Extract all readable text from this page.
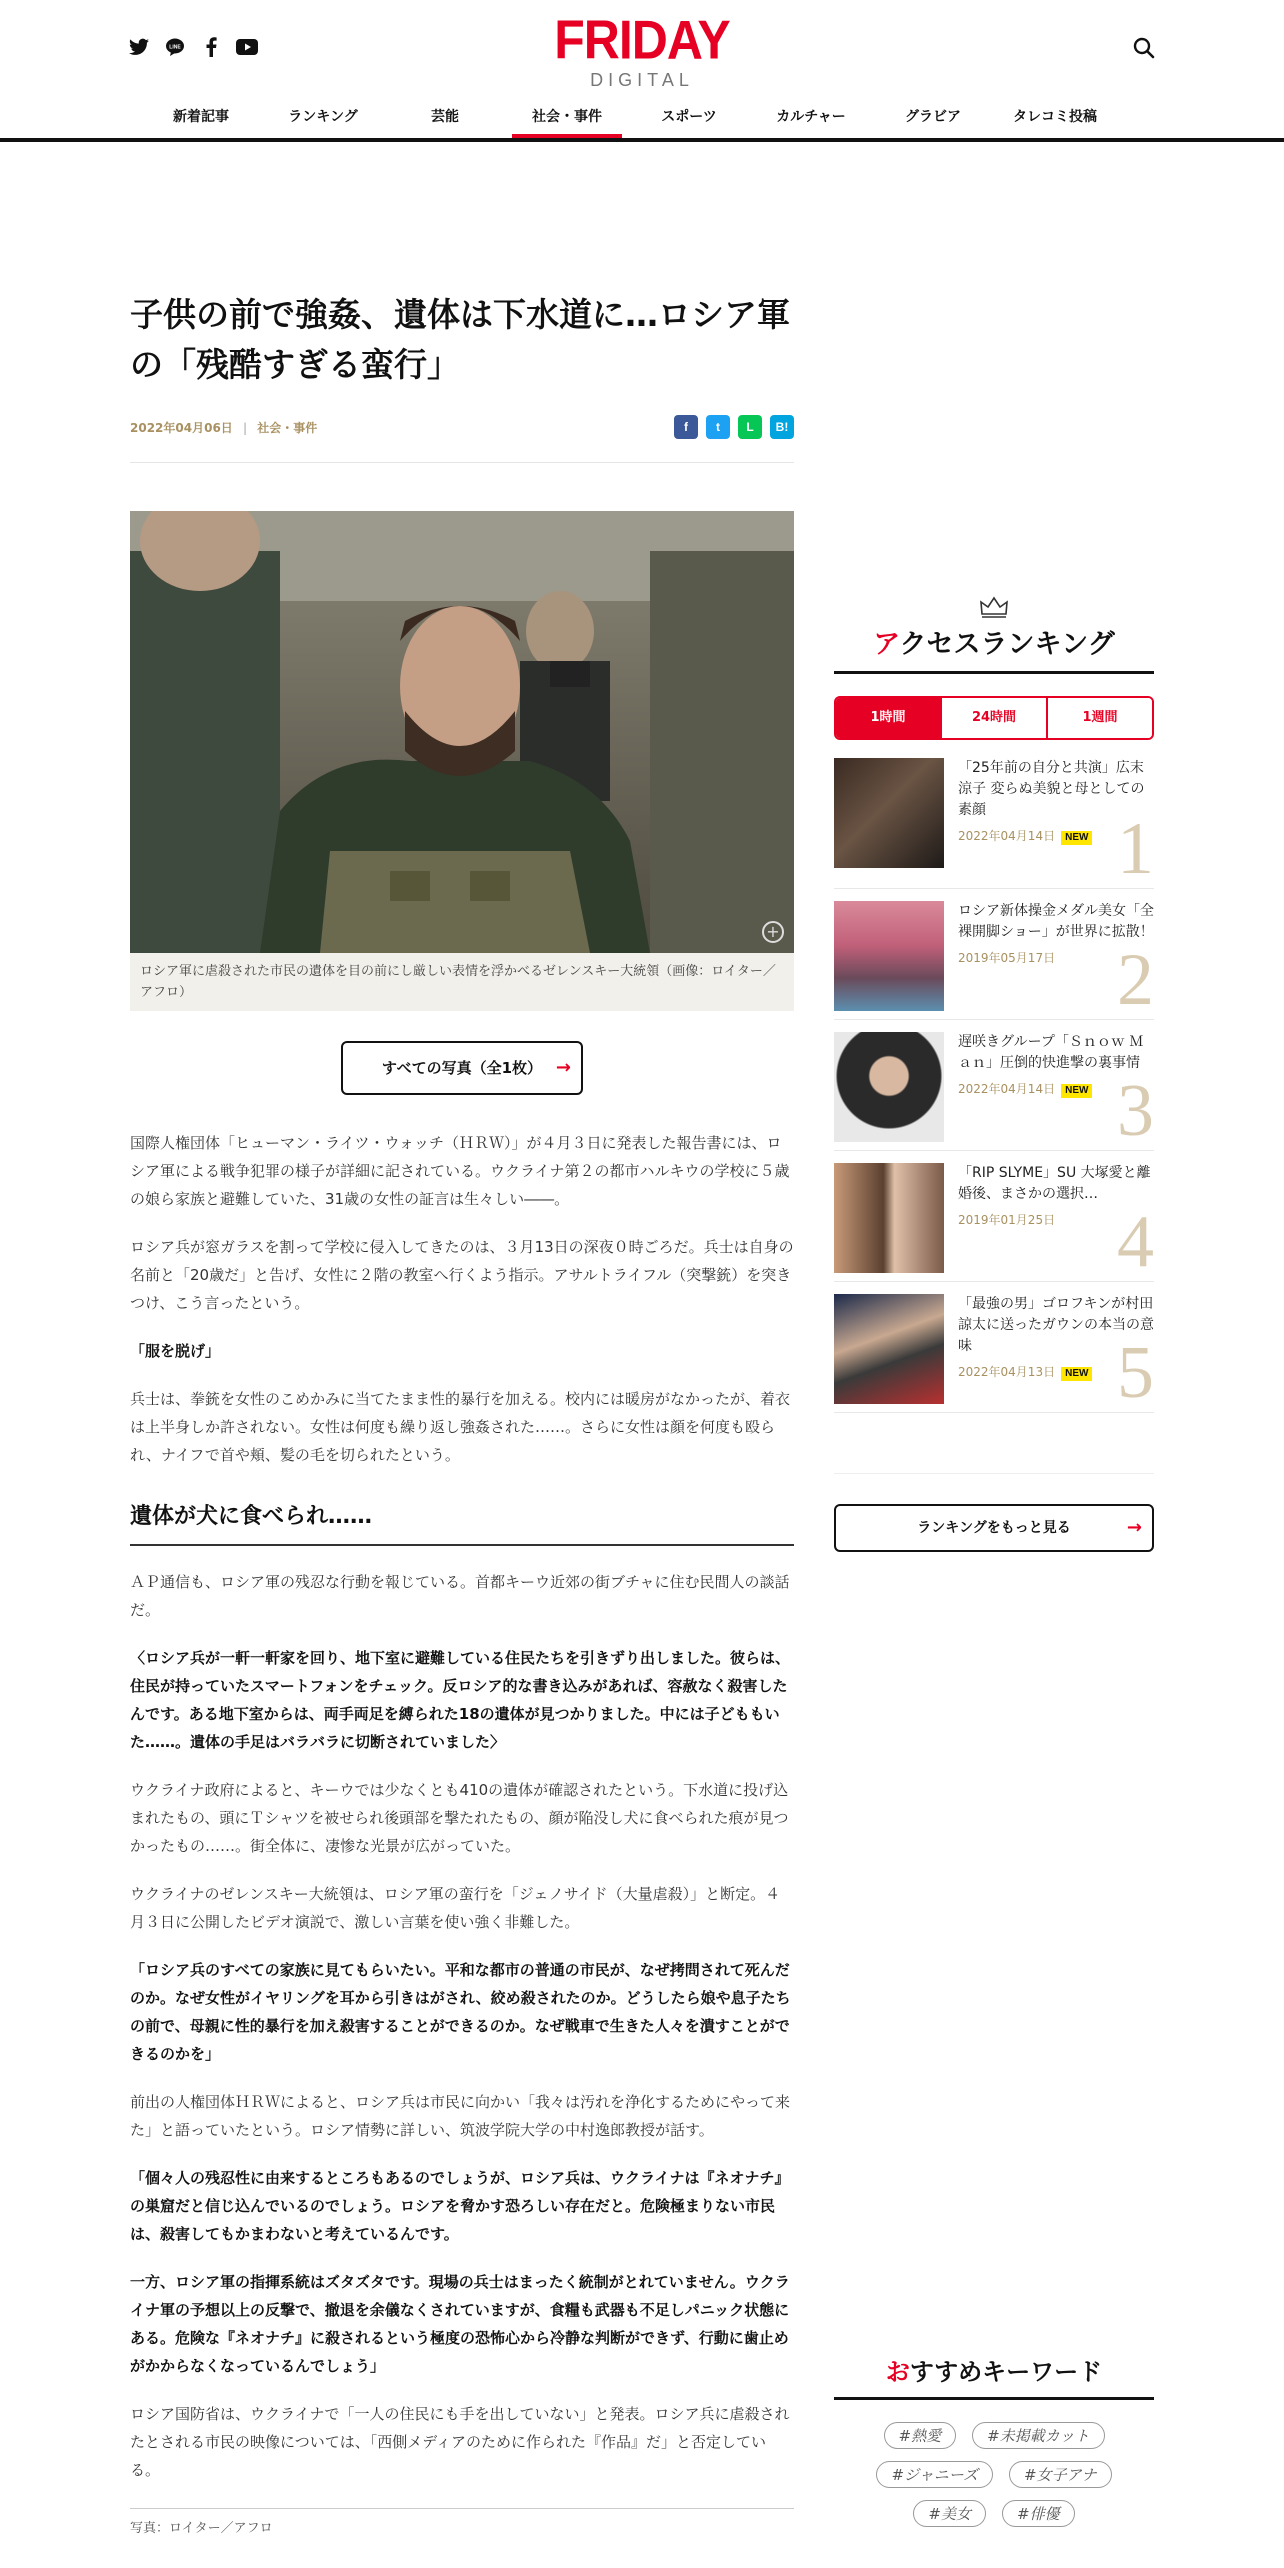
LINE	FRIDAY
DIGITAL
新着記事	ランキング	芸能	社会・事件	スポーツ	カルチャー	グラビア	タレコミ投稿
子供の前で強姦、遺体は下水道に…ロシア軍の「残酷すぎる蛮行」
2022年04月06日 | 社会・事件	f	t	L	B!
+
ロシア軍に虐殺された市民の遺体を目の前にし厳しい表情を浮かべるゼレンスキー大統領（画像：ロイター／アフロ）
すべての写真（全1枚） →

国際人権団体「ヒューマン・ライツ・ウォッチ（ＨＲＷ）」が４月３日に発表した報告書には、ロシア軍による戦争犯罪の様子が詳細に記されている。ウクライナ第２の都市ハルキウの学校に５歳の娘ら家族と避難していた、31歳の女性の証言は生々しい――。

ロシア兵が窓ガラスを割って学校に侵入してきたのは、３月13日の深夜０時ごろだ。兵士は自身の名前と「20歳だ」と告げ、女性に２階の教室へ行くよう指示。アサルトライフル（突撃銃）を突きつけ、こう言ったという。

「服を脱げ」

兵士は、拳銃を女性のこめかみに当てたまま性的暴行を加える。校内には暖房がなかったが、着衣は上半身しか許されない。女性は何度も繰り返し強姦された……。さらに女性は顔を何度も殴られ、ナイフで首や頬、髪の毛を切られたという。

遺体が犬に食べられ……

ＡＰ通信も、ロシア軍の残忍な行動を報じている。首都キーウ近郊の街ブチャに住む民間人の談話だ。

〈ロシア兵が一軒一軒家を回り、地下室に避難している住民たちを引きずり出しました。彼らは、住民が持っていたスマートフォンをチェック。反ロシア的な書き込みがあれば、容赦なく殺害したんです。ある地下室からは、両手両足を縛られた18の遺体が見つかりました。中には子どももいた……。遺体の手足はバラバラに切断されていました〉

ウクライナ政府によると、キーウでは少なくとも410の遺体が確認されたという。下水道に投げ込まれたもの、頭にＴシャツを被せられ後頭部を撃たれたもの、顔が陥没し犬に食べられた痕が見つかったもの……。街全体に、凄惨な光景が広がっていた。

ウクライナのゼレンスキー大統領は、ロシア軍の蛮行を「ジェノサイド（大量虐殺）」と断定。４月３日に公開したビデオ演説で、激しい言葉を使い強く非難した。

「ロシア兵のすべての家族に見てもらいたい。平和な都市の普通の市民が、なぜ拷問されて死んだのか。なぜ女性がイヤリングを耳から引きはがされ、絞め殺されたのか。どうしたら娘や息子たちの前で、母親に性的暴行を加え殺害することができるのか。なぜ戦車で生きた人々を潰すことができるのかを」

前出の人権団体ＨＲＷによると、ロシア兵は市民に向かい「我々は汚れを浄化するためにやって来た」と語っていたという。ロシア情勢に詳しい、筑波学院大学の中村逸郎教授が話す。

「個々人の残忍性に由来するところもあるのでしょうが、ロシア兵は、ウクライナは『ネオナチ』の巣窟だと信じ込んでいるのでしょう。ロシアを脅かす恐ろしい存在だと。危険極まりない市民は、殺害してもかまわないと考えているんです。

一方、ロシア軍の指揮系統はズタズタです。現場の兵士はまったく統制がとれていません。ウクライナ軍の予想以上の反撃で、撤退を余儀なくされていますが、食糧も武器も不足しパニック状態にある。危険な『ネオナチ』に殺されるという極度の恐怖心から冷静な判断ができず、行動に歯止めがかからなくなっているんでしょう」

ロシア国防省は、ウクライナで「一人の住民にも手を出していない」と発表。ロシア兵に虐殺されたとされる市民の映像については、「西側メディアのために作られた『作品』だ」と否定している。

写真：ロイター／アフロ
アクセスランキング
1時間	24時間	1週間
「25年前の自分と共演」広末涼子 変らぬ美貌と母としての素顔
2022年04月14日 NEW 1
ロシア新体操金メダル美女「全裸開脚ショー」が世界に拡散！
2019年05月17日 2
遅咲きグループ「Ｓｎｏｗ Ｍａｎ」圧倒的快進撃の裏事情
2022年04月14日 NEW 3
「RIP SLYME」SU 大塚愛と離婚後、まさかの選択…
2019年01月25日 4
「最強の男」ゴロフキンが村田諒太に送ったガウンの本当の意味
2022年04月13日 NEW 5
ランキングをもっと見る	→
おすすめキーワード
#熱愛	#未掲載カット
#ジャニーズ	#女子アナ
#美女	#俳優
